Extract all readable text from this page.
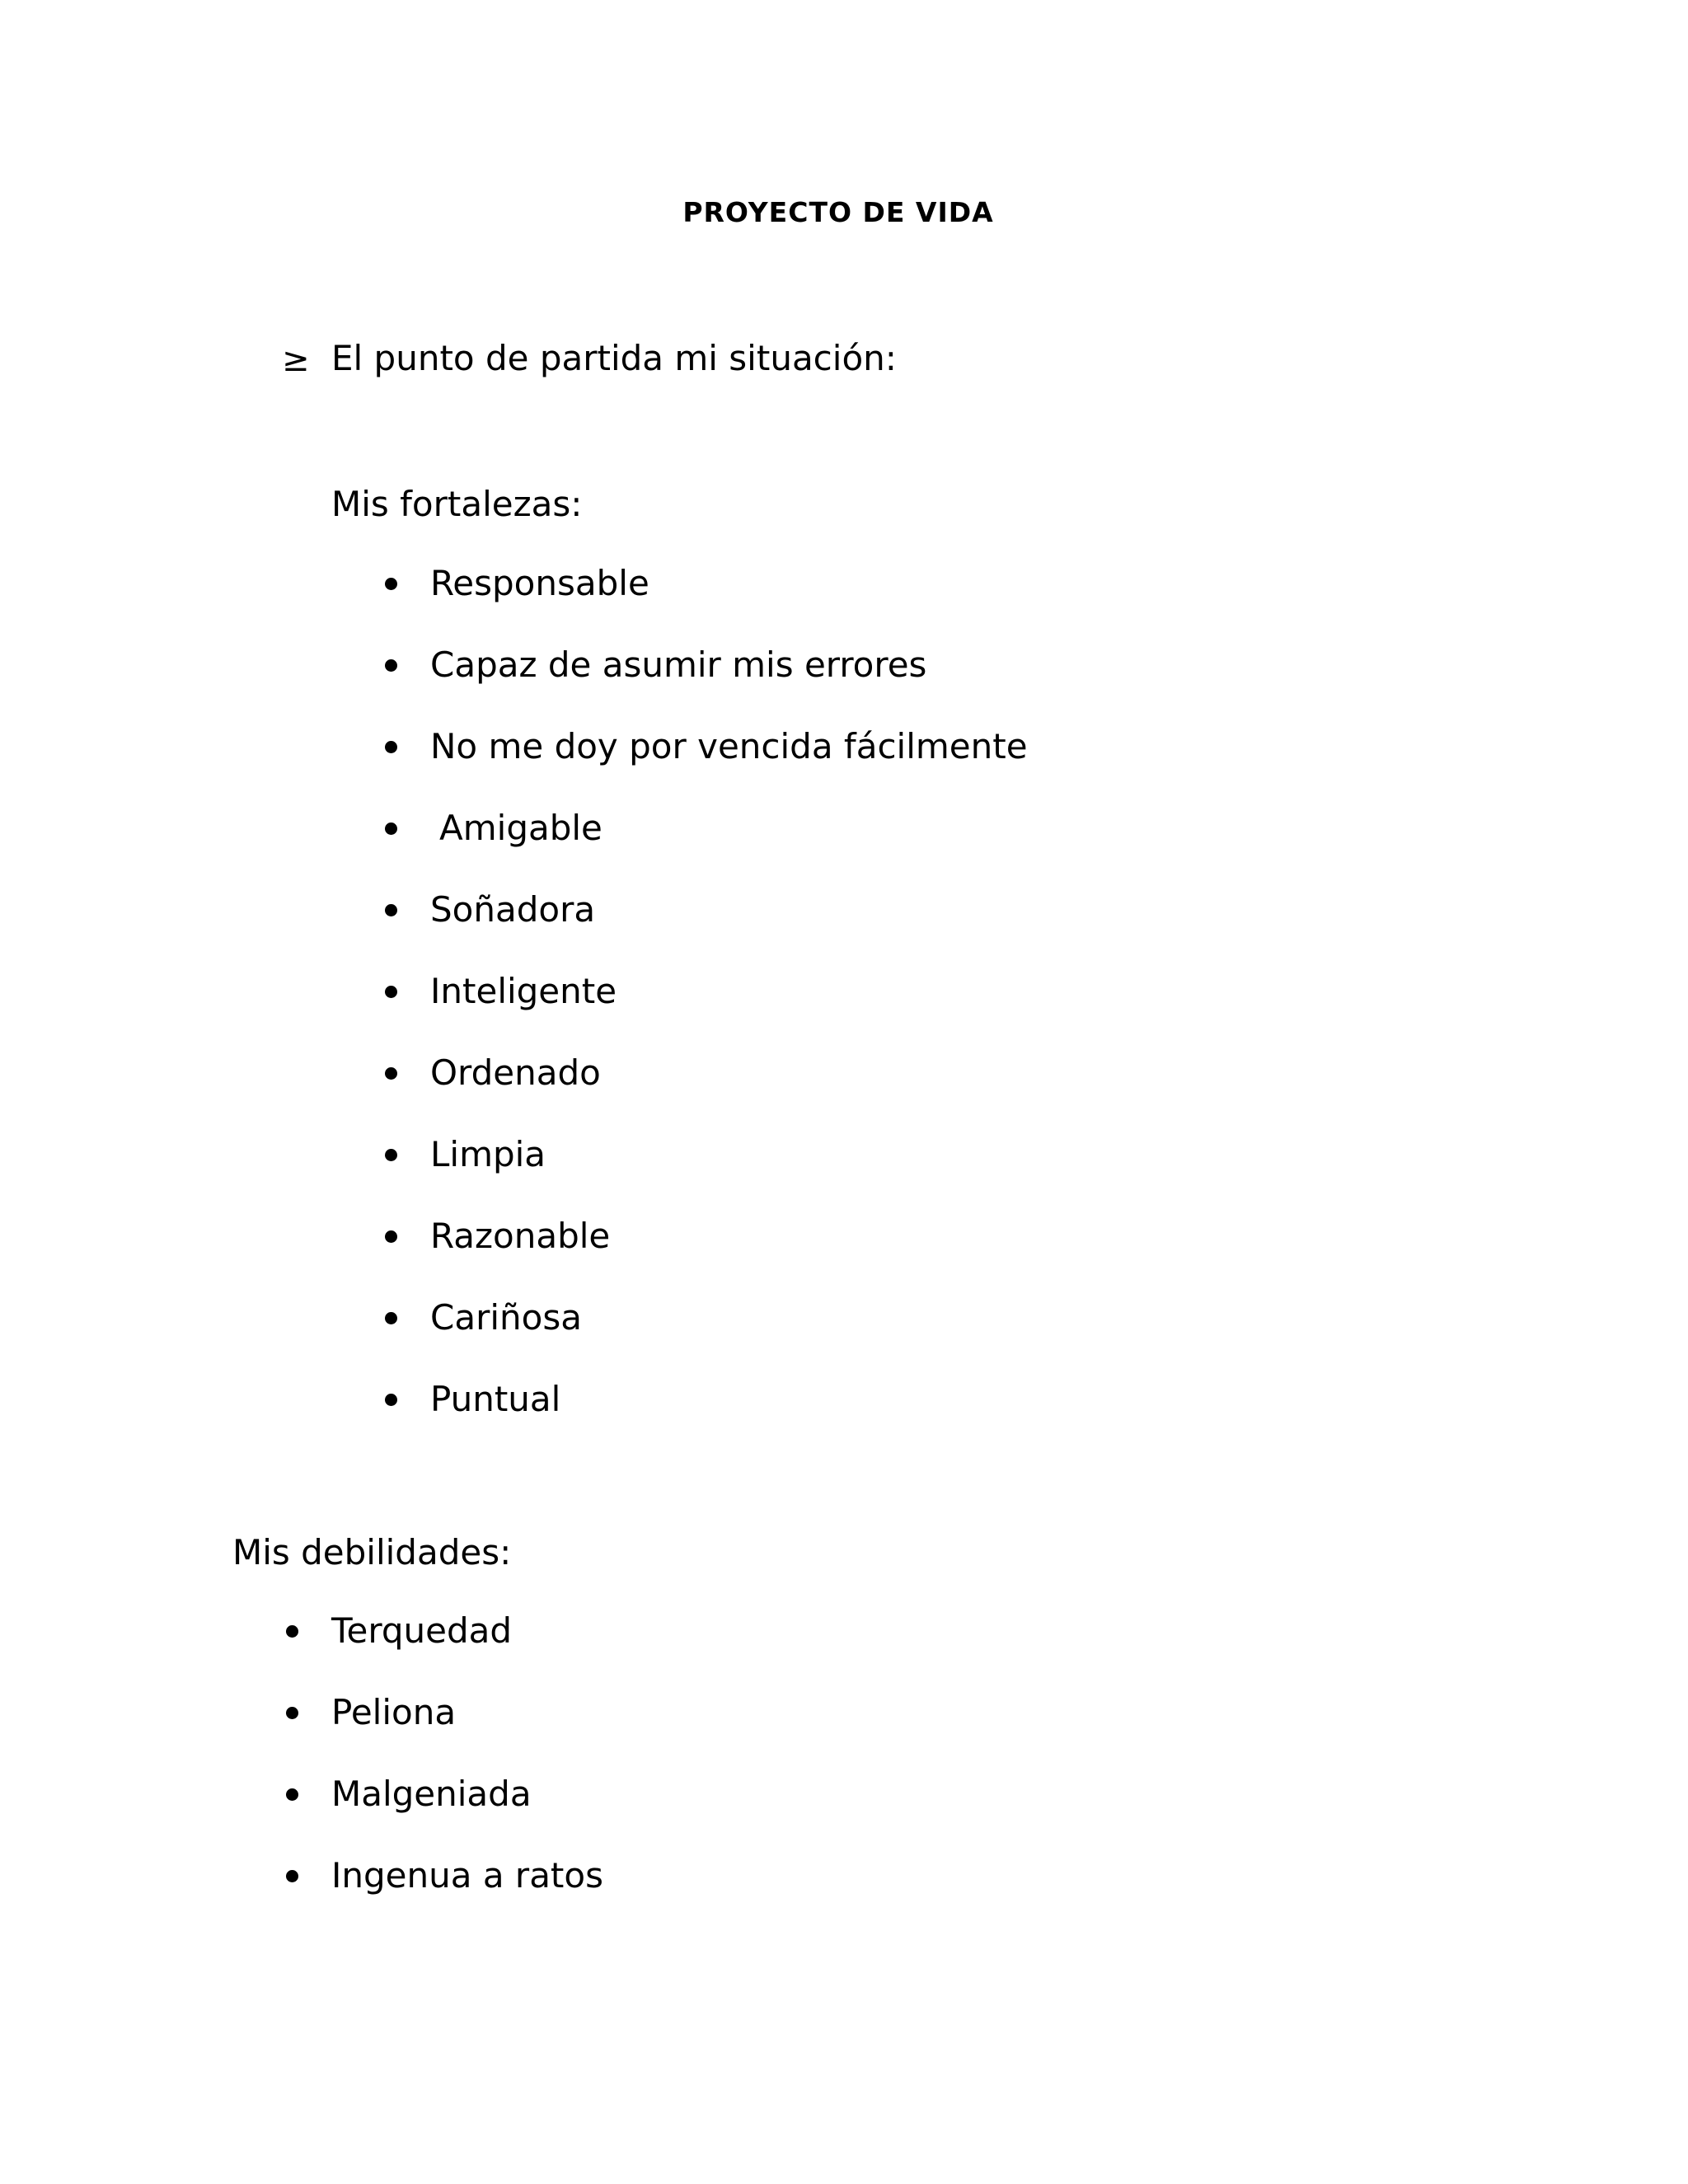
PROYECTO DE VIDA
≥ El punto de partida mi situación:
Mis fortalezas:
Responsable
Capaz de asumir mis errores
No me doy por vencida fácilmente
Amigable
Soñadora
Inteligente
Ordenado
Limpia
Razonable
Cariñosa
Puntual
Mis debilidades:
Terquedad
Peliona
Malgeniada
Ingenua a ratos
